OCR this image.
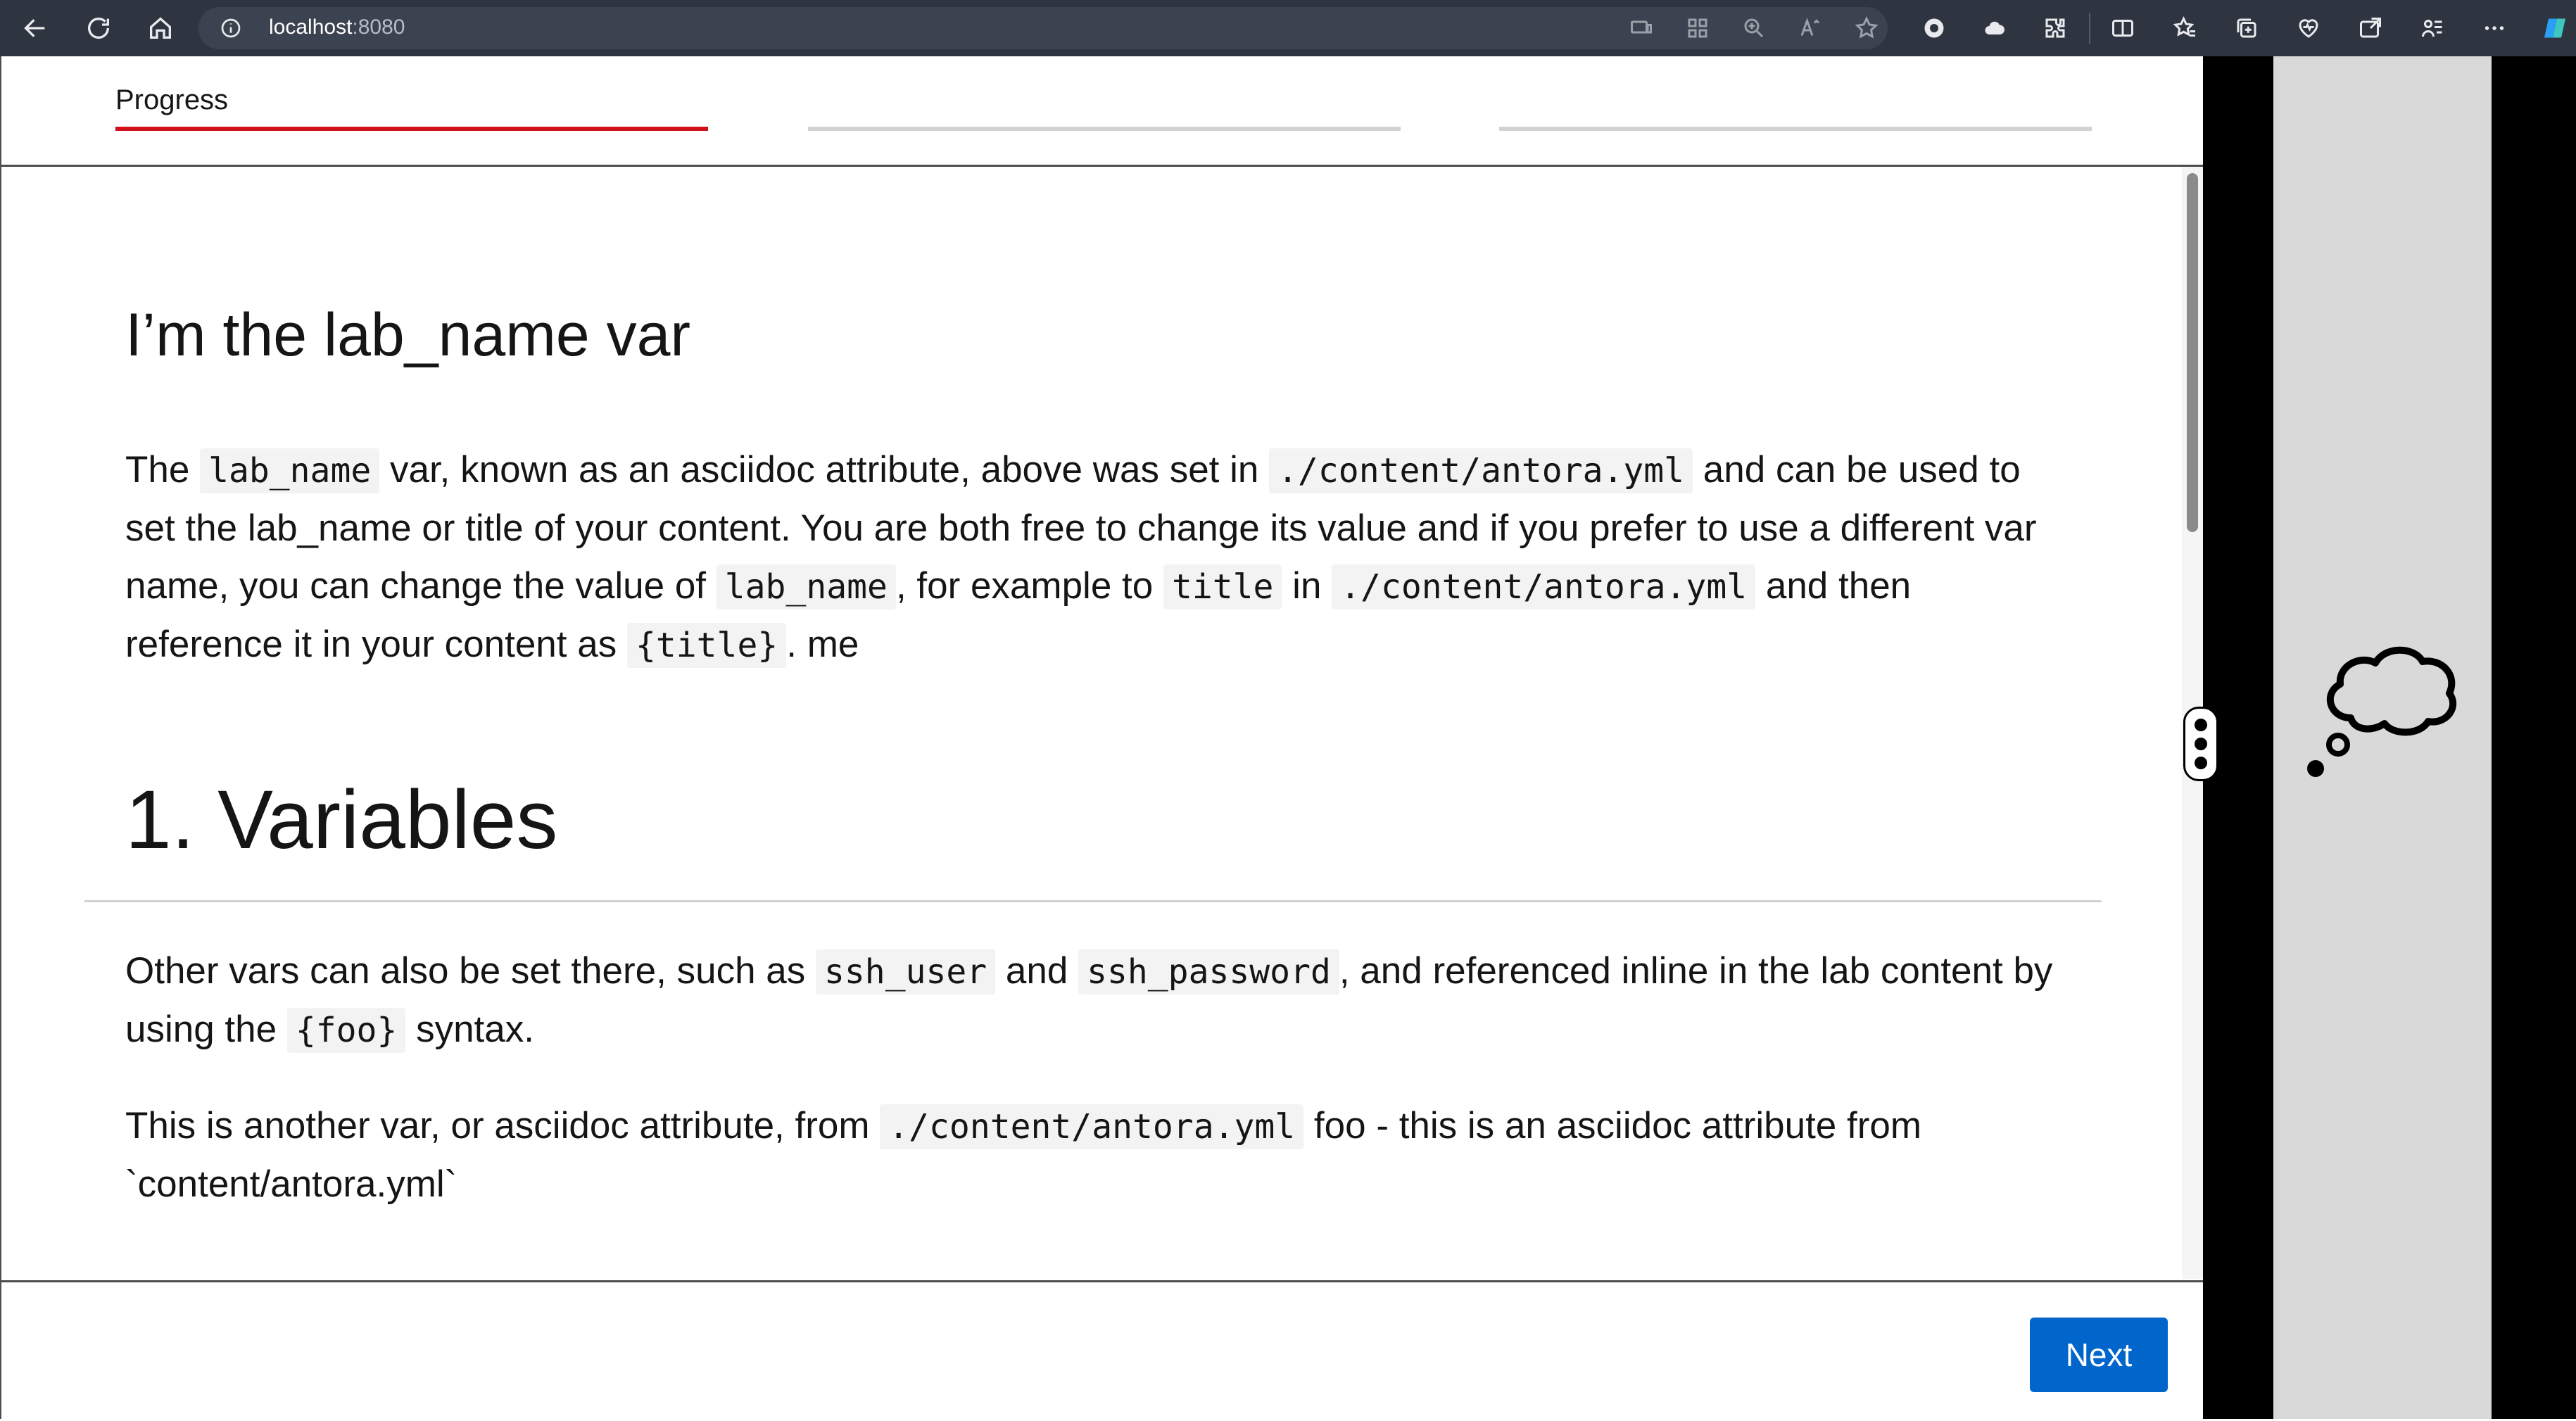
localhost:8080
Progress
I’m the lab_name var

The lab_name var, known as an asciidoc attribute, above was set in ./content/antora.yml and can be used to set the lab_name or title of your content. You are both free to change its value and if you prefer to use a different var name, you can change the value of lab_name , for example to title in ./content/antora.yml and then reference it in your content as {title} . me

1. Variables

Other vars can also be set there, such as ssh_user and ssh_password , and referenced inline in the lab content by using the {foo} syntax.

This is another var, or asciidoc attribute, from ./content/antora.yml foo - this is an asciidoc attribute from `content/antora.yml`

Next
